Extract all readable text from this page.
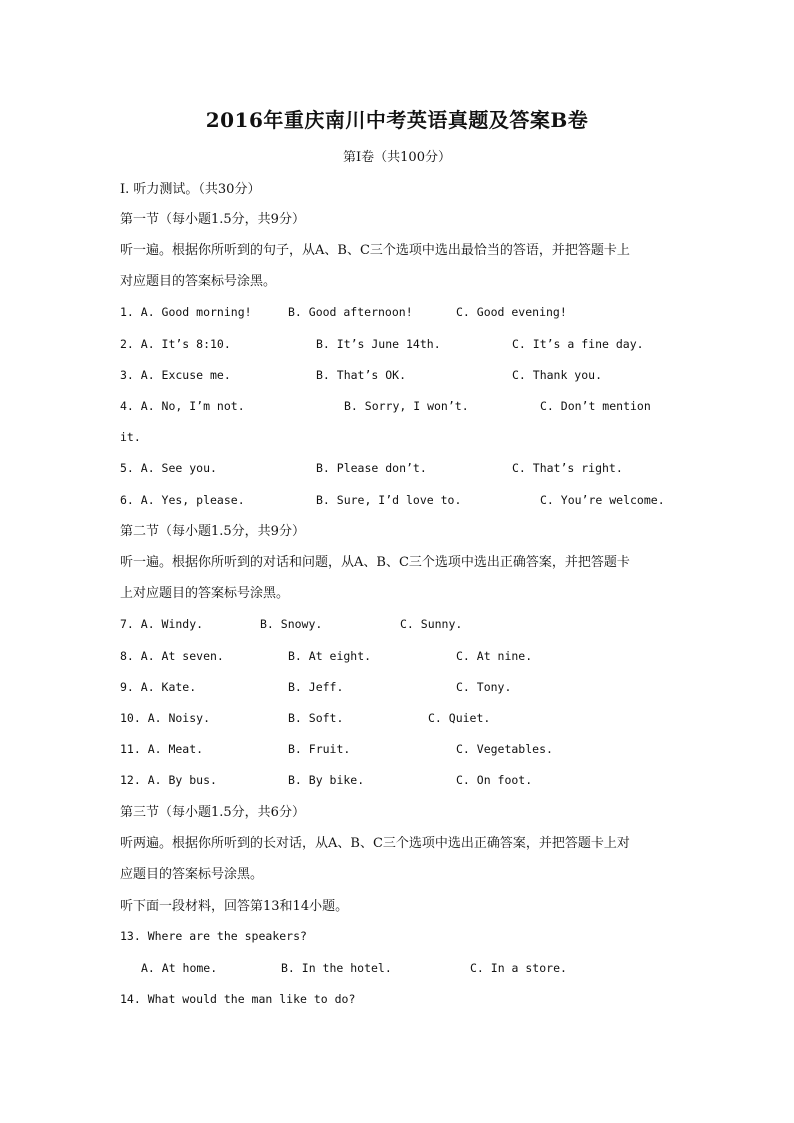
2016年重庆南川中考英语真题及答案B卷
第I卷（共100分）
I. 听力测试。（共30分）
第一节（每小题1.5分，共9分）
听一遍。根据你所听到的句子，从A、B、C三个选项中选出最恰当的答语，并把答题卡上
对应题目的答案标号涂黑。
1. A. Good morning!	B. Good afternoon!	C. Good evening!
2. A. It’s 8:10.	B. It’s June 14th.	C. It’s a fine day.
3. A. Excuse me.	B. That’s OK.	C. Thank you.
4. A. No, I’m not.	B. Sorry, I won’t.	C. Don’t mention
it.
5. A. See you.	B. Please don’t.	C. That’s right.
6. A. Yes, please.	B. Sure, I’d love to.	C. You’re welcome.
第二节（每小题1.5分，共9分）
听一遍。根据你所听到的对话和问题，从A、B、C三个选项中选出正确答案，并把答题卡
上对应题目的答案标号涂黑。
7. A. Windy.	B. Snowy.	C. Sunny.
8. A. At seven.	B. At eight.	C. At nine.
9. A. Kate.	B. Jeff.	C. Tony.
10. A. Noisy.	B. Soft.	C. Quiet.
11. A. Meat.	B. Fruit.	C. Vegetables.
12. A. By bus.	B. By bike.	C. On foot.
第三节（每小题1.5分，共6分）
听两遍。根据你所听到的长对话，从A、B、C三个选项中选出正确答案，并把答题卡上对
应题目的答案标号涂黑。
听下面一段材料，回答第13和14小题。
13. Where are the speakers?
A. At home.	B. In the hotel.	C. In a store.
14. What would the man like to do?
